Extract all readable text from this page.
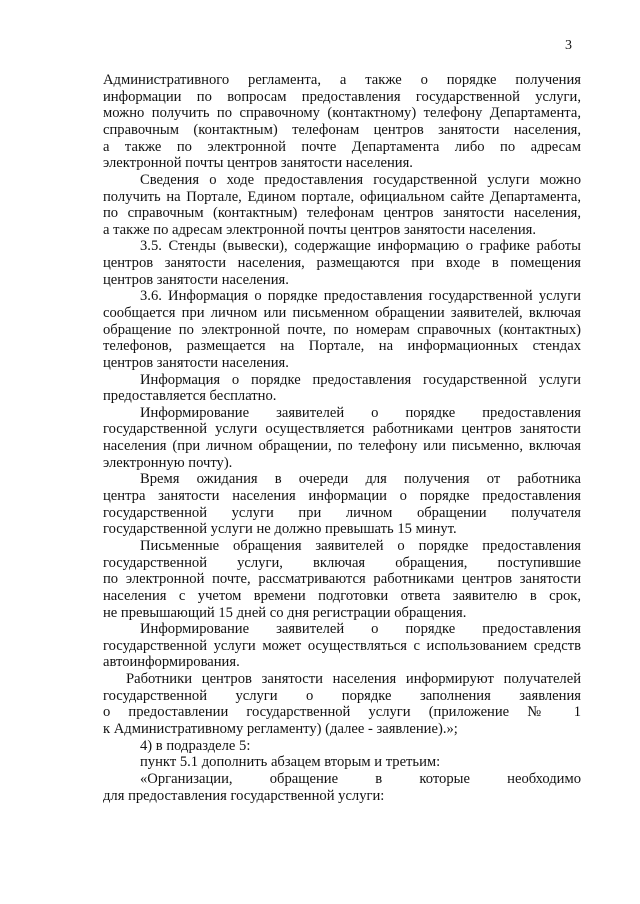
3
Административного регламента, а также о порядке получения
информации по вопросам предоставления государственной услуги,
можно получить по справочному (контактному) телефону Департамента,
справочным (контактным) телефонам центров занятости населения,
а также по электронной почте Департамента либо по адресам
электронной почты центров занятости населения.
Сведения о ходе предоставления государственной услуги можно
получить на Портале, Едином портале, официальном сайте Департамента,
по справочным (контактным) телефонам центров занятости населения,
а также по адресам электронной почты центров занятости населения.
3.5. Стенды (вывески), содержащие информацию о графике работы
центров занятости населения, размещаются при входе в помещения
центров занятости населения.
3.6. Информация о порядке предоставления государственной услуги
сообщается при личном или письменном обращении заявителей, включая
обращение по электронной почте, по номерам справочных (контактных)
телефонов, размещается на Портале, на информационных стендах
центров занятости населения.
Информация о порядке предоставления государственной услуги
предоставляется бесплатно.
Информирование заявителей о порядке предоставления
государственной услуги осуществляется работниками центров занятости
населения (при личном обращении, по телефону или письменно, включая
электронную почту).
Время ожидания в очереди для получения от работника
центра занятости населения информации о порядке предоставления
государственной услуги при личном обращении получателя
государственной услуги не должно превышать 15 минут.
Письменные обращения заявителей о порядке предоставления
государственной услуги, включая обращения, поступившие
по электронной почте, рассматриваются работниками центров занятости
населения с учетом времени подготовки ответа заявителю в срок,
не превышающий 15 дней со дня регистрации обращения.
Информирование заявителей о порядке предоставления
государственной услуги может осуществляться с использованием средств
автоинформирования.
Работники центров занятости населения информируют получателей
государственной услуги о порядке заполнения заявления
о предоставлении государственной услуги (приложение № 1
к Административному регламенту) (далее - заявление).»;
4) в подразделе 5:
пункт 5.1 дополнить абзацем вторым и третьим:
«Организации, обращение в которые необходимо
для предоставления государственной услуги:
